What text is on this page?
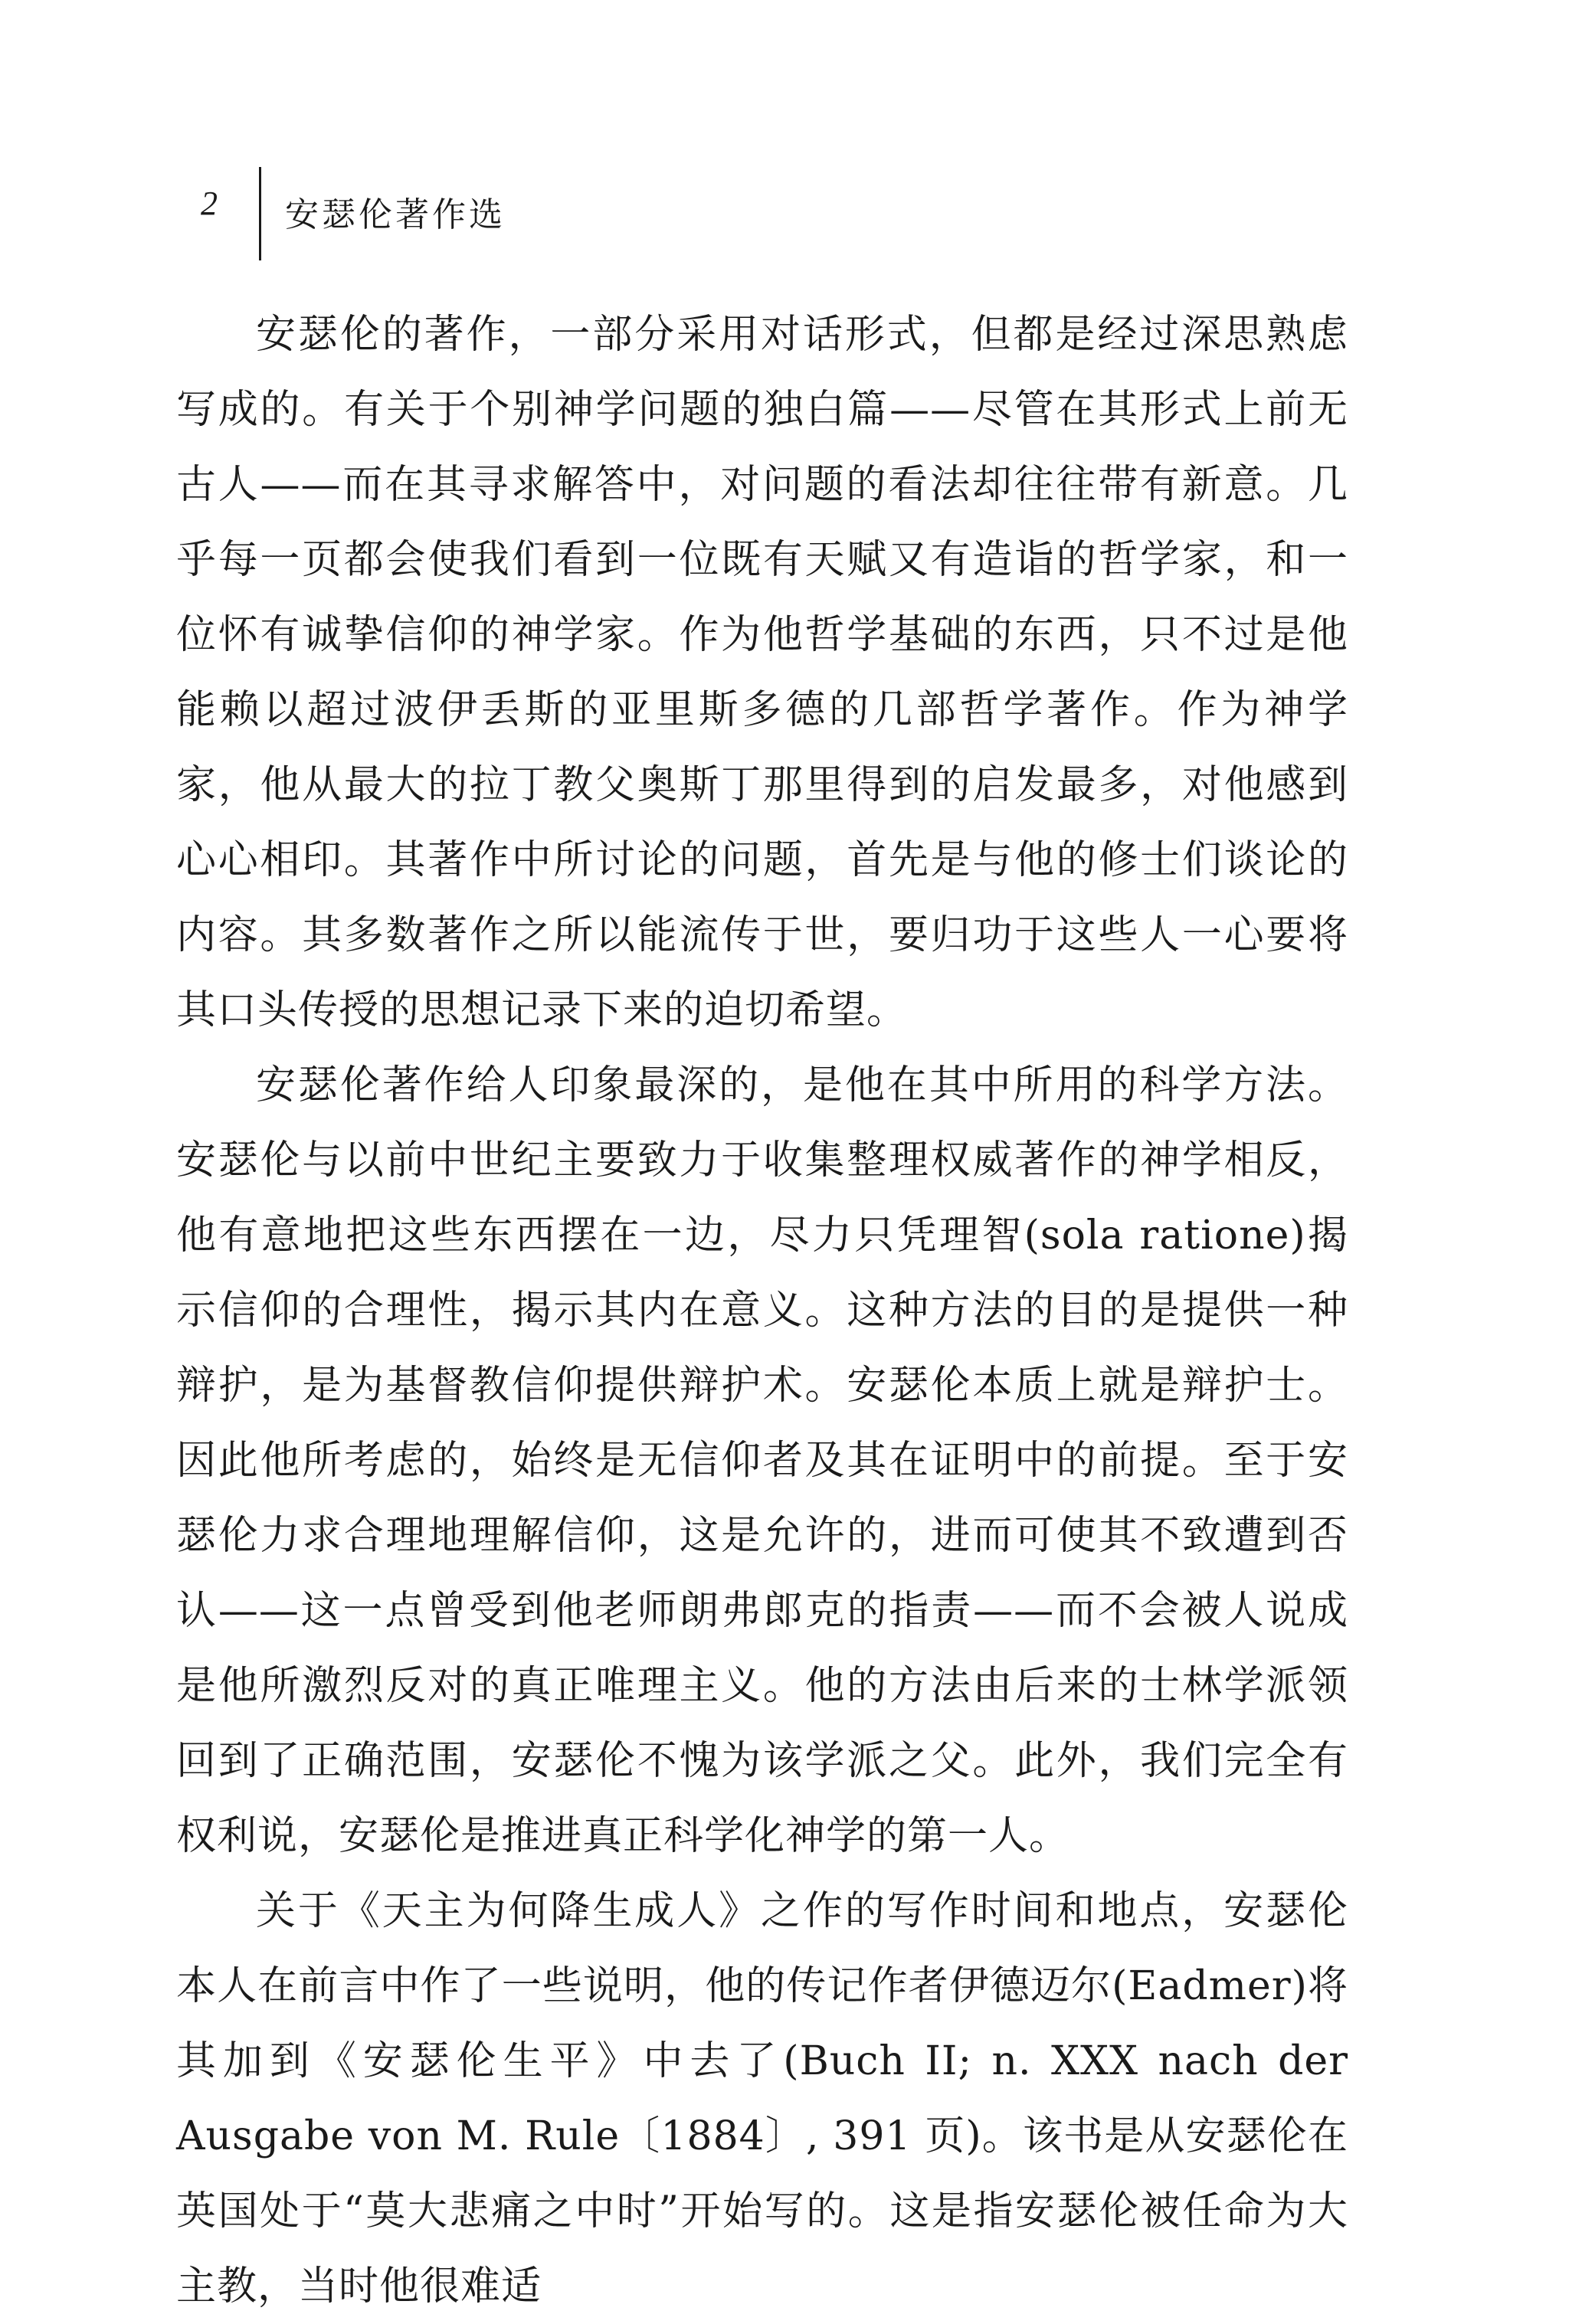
2 安瑟伦著作选

安瑟伦的著作，一部分采用对话形式，但都是经过深思熟虑写成的。有关于个别神学问题的独白篇——尽管在其形式上前无古人——而在其寻求解答中，对问题的看法却往往带有新意。几乎每一页都会使我们看到一位既有天赋又有造诣的哲学家，和一位怀有诚挚信仰的神学家。作为他哲学基础的东西，只不过是他能赖以超过波伊丢斯的亚里斯多德的几部哲学著作。作为神学家，他从最大的拉丁教父奥斯丁那里得到的启发最多，对他感到心心相印。其著作中所讨论的问题，首先是与他的修士们谈论的内容。其多数著作之所以能流传于世，要归功于这些人一心要将其口头传授的思想记录下来的迫切希望。

安瑟伦著作给人印象最深的，是他在其中所用的科学方法。安瑟伦与以前中世纪主要致力于收集整理权威著作的神学相反，他有意地把这些东西摆在一边，尽力只凭理智(sola ratione)揭示信仰的合理性，揭示其内在意义。这种方法的目的是提供一种辩护，是为基督教信仰提供辩护术。安瑟伦本质上就是辩护士。因此他所考虑的，始终是无信仰者及其在证明中的前提。至于安瑟伦力求合理地理解信仰，这是允许的，进而可使其不致遭到否认——这一点曾受到他老师朗弗郎克的指责——而不会被人说成是他所激烈反对的真正唯理主义。他的方法由后来的士林学派领回到了正确范围，安瑟伦不愧为该学派之父。此外，我们完全有权利说，安瑟伦是推进真正科学化神学的第一人。

关于《天主为何降生成人》之作的写作时间和地点，安瑟伦本人在前言中作了一些说明，他的传记作者伊德迈尔(Eadmer)将其加到《安瑟伦生平》中去了(Buch II; n. XXX nach der Ausgabe von M. Rule〔1884〕, 391 页)。该书是从安瑟伦在英国处于“莫大悲痛之中时”开始写的。这是指安瑟伦被任命为大主教，当时他很难适
